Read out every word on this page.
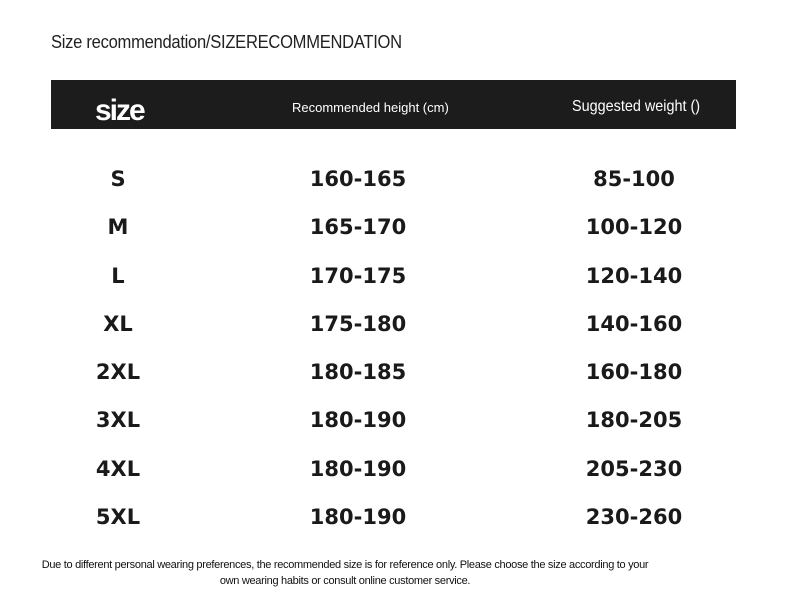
Size recommendation/SIZERECOMMENDATION
size	Recommended height (cm)	Suggested weight ()
S	160-165	85-100
M	165-170	100-120
L	170-175	120-140
XL	175-180	140-160
2XL	180-185	160-180
3XL	180-190	180-205
4XL	180-190	205-230
5XL	180-190	230-260
Due to different personal wearing preferences, the recommended size is for reference only. Please choose the size according to your own wearing habits or consult online customer service.
